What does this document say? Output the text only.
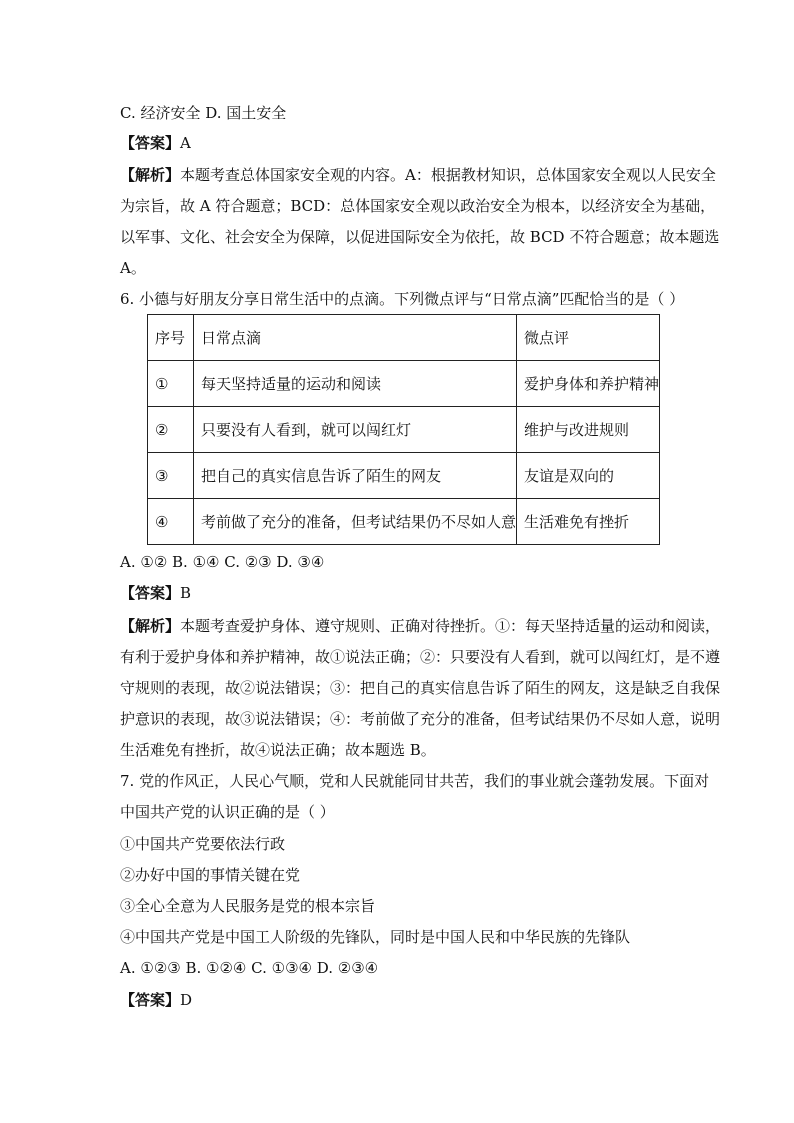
C. 经济安全 D. 国土安全
【答案】A
【解析】本题考查总体国家安全观的内容。A：根据教材知识，总体国家安全观以人民安全
为宗旨，故 A 符合题意；BCD：总体国家安全观以政治安全为根本，以经济安全为基础，
以军事、文化、社会安全为保障，以促进国际安全为依托，故 BCD 不符合题意；故本题选
A。
6. 小德与好朋友分享日常生活中的点滴。下列微点评与“日常点滴”匹配恰当的是（ ）
序号	日常点滴	微点评
①	每天坚持适量的运动和阅读	爱护身体和养护精神
②	只要没有人看到，就可以闯红灯	维护与改进规则
③	把自己的真实信息告诉了陌生的网友	友谊是双向的
④	考前做了充分的准备，但考试结果仍不尽如人意	生活难免有挫折
A. ①② B. ①④ C. ②③ D. ③④
【答案】B
【解析】本题考查爱护身体、遵守规则、正确对待挫折。①：每天坚持适量的运动和阅读，
有利于爱护身体和养护精神，故①说法正确；②：只要没有人看到，就可以闯红灯，是不遵
守规则的表现，故②说法错误；③：把自己的真实信息告诉了陌生的网友，这是缺乏自我保
护意识的表现，故③说法错误；④：考前做了充分的准备，但考试结果仍不尽如人意，说明
生活难免有挫折，故④说法正确；故本题选 B。
7. 党的作风正，人民心气顺，党和人民就能同甘共苦，我们的事业就会蓬勃发展。下面对
中国共产党的认识正确的是（ ）
①中国共产党要依法行政
②办好中国的事情关键在党
③全心全意为人民服务是党的根本宗旨
④中国共产党是中国工人阶级的先锋队，同时是中国人民和中华民族的先锋队
A. ①②③ B. ①②④ C. ①③④ D. ②③④
【答案】D
